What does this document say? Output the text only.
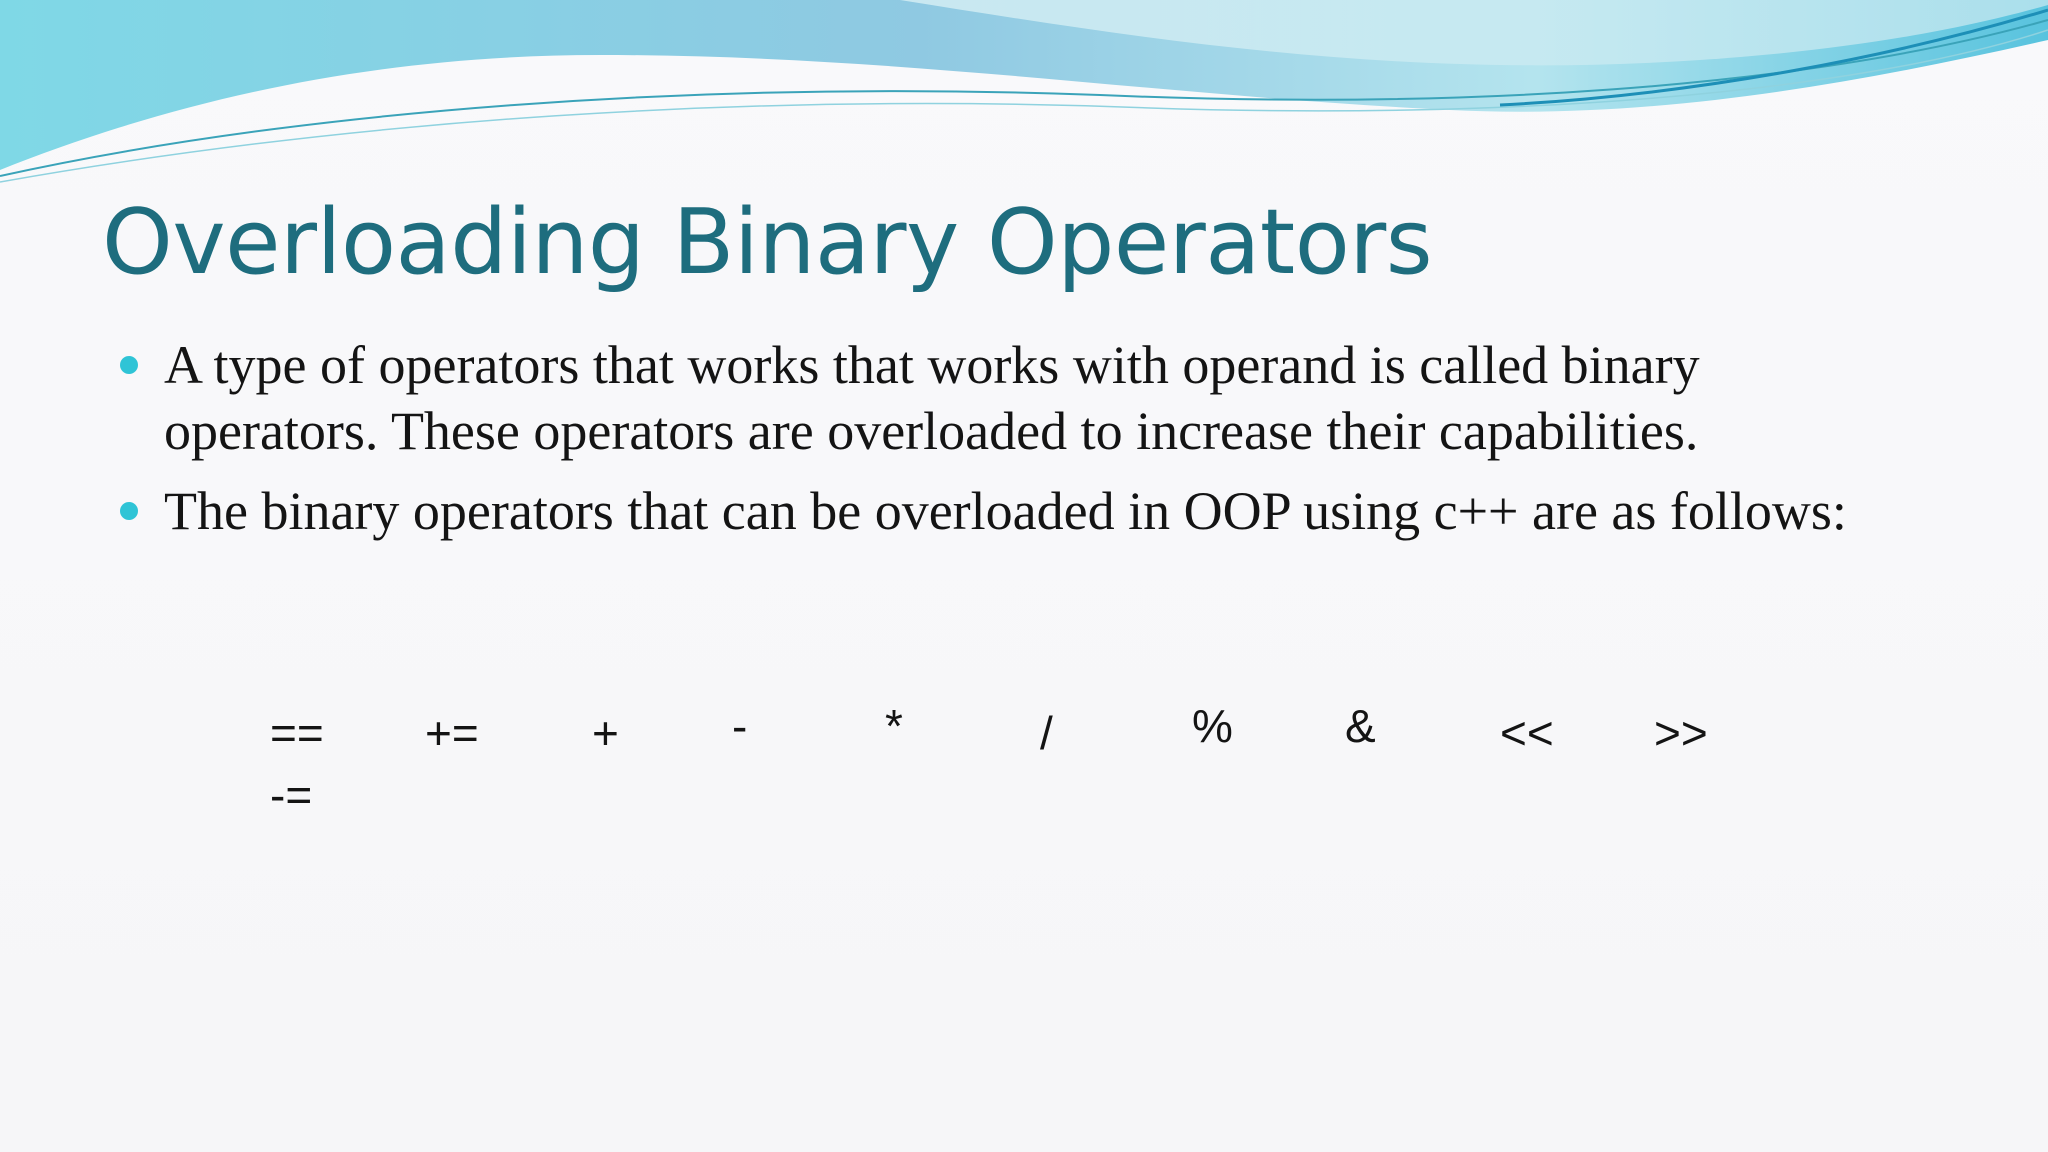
Overloading Binary Operators
A type of operators that works that works with operand is called binary operators. These operators are overloaded to increase their capabilities.
The binary operators that can be overloaded in OOP using c++ are as follows:
== += + -	*	/	% &	<< >>
-=
